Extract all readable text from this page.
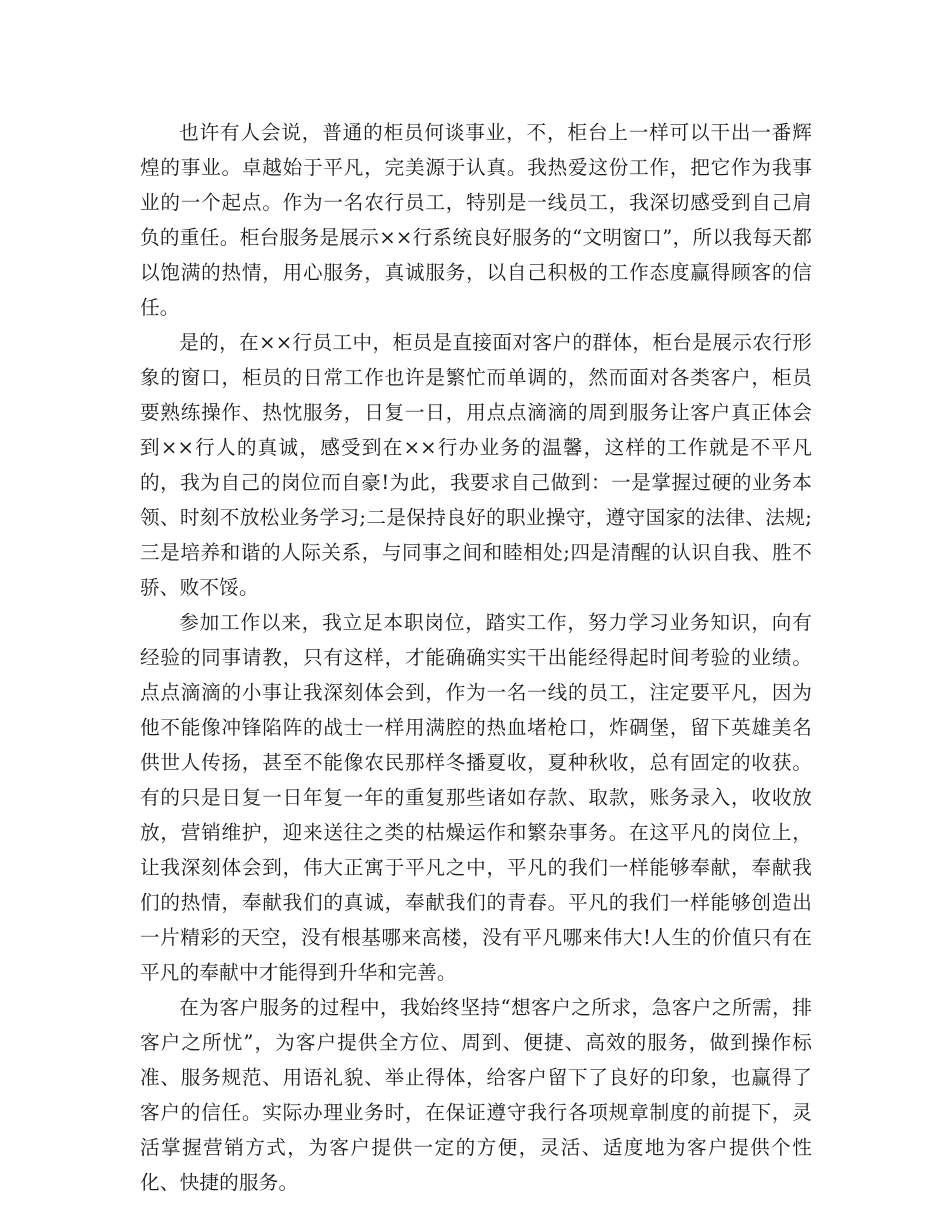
也许有人会说，普通的柜员何谈事业，不，柜台上一样可以干出一番辉煌的事业。卓越始于平凡，完美源于认真。我热爱这份工作，把它作为我事业的一个起点。作为一名农行员工，特别是一线员工，我深切感受到自己肩负的重任。柜台服务是展示××行系统良好服务的“文明窗口”，所以我每天都以饱满的热情，用心服务，真诚服务，以自己积极的工作态度赢得顾客的信任。

是的，在××行员工中，柜员是直接面对客户的群体，柜台是展示农行形象的窗口，柜员的日常工作也许是繁忙而单调的，然而面对各类客户，柜员要熟练操作、热忱服务，日复一日，用点点滴滴的周到服务让客户真正体会到××行人的真诚，感受到在××行办业务的温馨，这样的工作就是不平凡的，我为自己的岗位而自豪!为此，我要求自己做到：一是掌握过硬的业务本领、时刻不放松业务学习;二是保持良好的职业操守，遵守国家的法律、法规;三是培养和谐的人际关系，与同事之间和睦相处;四是清醒的认识自我、胜不骄、败不馁。

参加工作以来，我立足本职岗位，踏实工作，努力学习业务知识，向有经验的同事请教，只有这样，才能确确实实干出能经得起时间考验的业绩。点点滴滴的小事让我深刻体会到，作为一名一线的员工，注定要平凡，因为他不能像冲锋陷阵的战士一样用满腔的热血堵枪口，炸碉堡，留下英雄美名供世人传扬，甚至不能像农民那样冬播夏收，夏种秋收，总有固定的收获。有的只是日复一日年复一年的重复那些诸如存款、取款，账务录入，收收放放，营销维护，迎来送往之类的枯燥运作和繁杂事务。在这平凡的岗位上，让我深刻体会到，伟大正寓于平凡之中，平凡的我们一样能够奉献，奉献我们的热情，奉献我们的真诚，奉献我们的青春。平凡的我们一样能够创造出一片精彩的天空，没有根基哪来高楼，没有平凡哪来伟大!人生的价值只有在平凡的奉献中才能得到升华和完善。

在为客户服务的过程中，我始终坚持“想客户之所求，急客户之所需，排客户之所忧”，为客户提供全方位、周到、便捷、高效的服务，做到操作标准、服务规范、用语礼貌、举止得体，给客户留下了良好的印象，也赢得了客户的信任。实际办理业务时，在保证遵守我行各项规章制度的前提下，灵活掌握营销方式，为客户提供一定的方便，灵活、适度地为客户提供个性化、快捷的服务。
